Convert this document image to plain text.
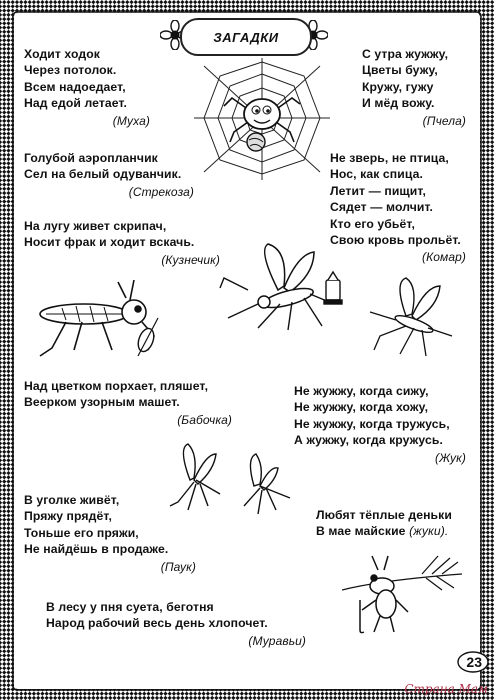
ЗАГАДКИ
Ходит ходок
Через потолок.
Всем надоедает,
Над едой летает.
(Муха)
С утра жужжу,
Цветы бужу,
Кружу, гужу
И мёд вожу.
(Пчела)
Голубой аэропланчик
Сел на белый одуванчик.
(Стрекоза)
Не зверь, не птица,
Нос, как спица.
Летит — пищит,
Сядет — молчит.
Кто его убьёт,
Свою кровь прольёт.
(Комар)
На лугу живет скрипач,
Носит фрак и ходит вскачь.
(Кузнечик)
Над цветком порхает, пляшет,
Веерком узорным машет.
(Бабочка)
Не жужжу, когда сижу,
Не жужжу, когда хожу,
Не жужжу, когда тружусь,
А жужжу, когда кружусь.
(Жук)
В уголке живёт,
Пряжу прядёт,
Тоньше его пряжи,
Не найдёшь в продаже.
(Паук)
Любят тёплые деньки
В мае майские (жуки).
В лесу у пня суета, беготня
Народ рабочий весь день хлопочет.
(Муравьи)
23
Страна Мам
